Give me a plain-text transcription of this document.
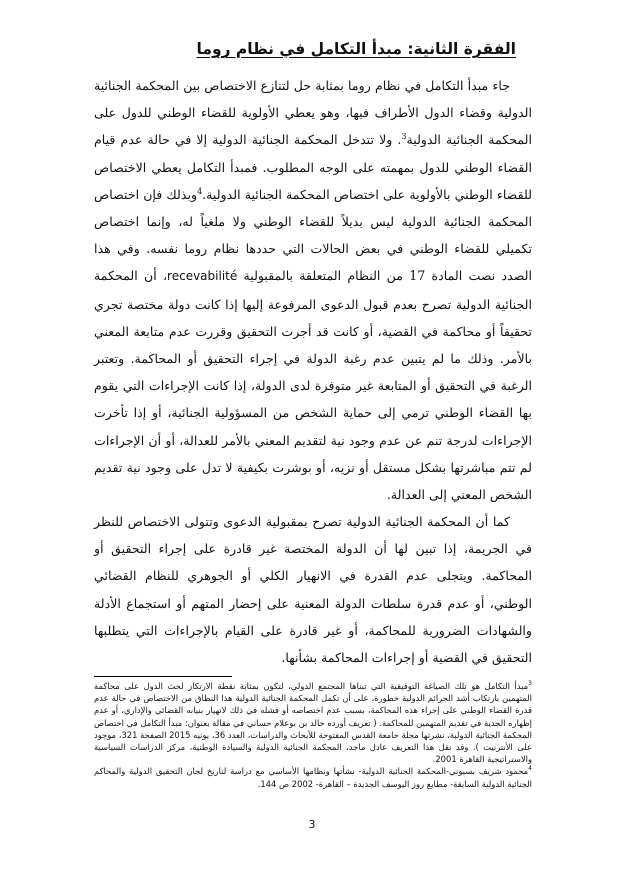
الفقرة الثانية: مبدأ التكامل في نظام روما

جاء مبدأ التكامل في نظام روما بمثابة حل لتنازع الاختصاص بين المحكمة الجنائية الدولية وقضاء الدول الأطراف فيها، وهو يعطي الأولوية للقضاء الوطني للدول على المحكمة الجنائية الدولية$^3$. ولا تتدخل المحكمة الجنائية الدولية إلا في حالة عدم قيام القضاء الوطني للدول بمهمته على الوجه المطلوب. فمبدأ التكامل يعطي الاختصاص للقضاء الوطني بالأولوية على اختصاص المحكمة الجنائية الدولية.$^4$وبذلك فإن اختصاص المحكمة الجنائية الدولية ليس بديلاً للقضاء الوطني ولا ملغياً له، وإنما اختصاص تكميلي للقضاء الوطني في بعض الحالات التي حددها نظام روما نفسه. وفي هذا الصدد نصت المادة 17 من النظام المتعلقة بالمقبولية recevabilité، أن المحكمة الجنائية الدولية تصرح بعدم قبول الدعوى المرفوعة إليها إذا كانت دولة مختصة تجري تحقيقاً أو محاكمة في القضية، أو كانت قد أجرت التحقيق وقررت عدم متابعة المعني بالأمر. وذلك ما لم يتبين عدم رغبة الدولة في إجراء التحقيق أو المحاكمة. وتعتبر الرغبة في التحقيق أو المتابعة غير متوفرة لدى الدولة، إذا كانت الإجراءات التي يقوم بها القضاء الوطني ترمي إلى حماية الشخص من المسؤولية الجنائية، أو إذا تأخرت الإجراءات لدرجة تنم عن عدم وجود نية لتقديم المعني بالأمر للعدالة، أو أن الإجراءات لم تتم مباشرتها بشكل مستقل أو نزيه، أو بوشرت بكيفية لا تدل على وجود نية تقديم الشخص المعني إلى العدالة.

كما أن المحكمة الجنائية الدولية تصرح بمقبولية الدعوى وتتولى الاختصاص للنظر في الجريمة، إذا تبين لها أن الدولة المختصة غير قادرة على إجراء التحقيق أو المحاكمة. ويتجلى عدم القدرة في الانهيار الكلي أو الجوهري للنظام القضائي الوطني، أو عدم قدرة سلطات الدولة المعنية على إحضار المتهم أو استجماع الأدلة والشهادات الضرورية للمحاكمة، أو غير قادرة على القيام بالإجراءات التي يتطلبها التحقيق في القضية أو إجراءات المحاكمة بشأنها.

$^3$مبدأ التكامل هو تلك الصياغة التوفيقية التي تبناها المجتمع الدولي، لتكون بمثابة نقطة الارتكاز لحث الدول على محاكمة المتهمين بارتكاب أشد الجرائم الدولية خطورة، على أن تكمل المحكمة الجنائية الدولية هذا النطاق من الاختصاص في حالة عدم قدرة القضاء الوطني على إجراء هذه المحاكمة، بسبب عدم اختصاصه أو فشله في ذلك لانهيار بنيانه القضائي والإداري، أو عدم إظهاره الجدية في تقديم المتهمين للمحاكمة. ( تعريف أورده خالد بن بوعلام حساني في مقالة بعنوان: مبدأ التكامل في اختصاص المحكمة الجنائية الدولية، نشرتها مجلة جامعة القدس المفتوحة للأبحاث والدراسات، العدد 36، يونيه 2015 الصفحة 321، موجود على الأنترنيت ). وقد نقل هذا التعريف عادل ماجد، المحكمة الجنائية الدولية والسيادة الوطنية، مركز الدراسات السياسية والاستراتيجية القاهرة 2001.

$^4$محمود شريف بسيوني-المحكمة الجنائية الدولية- نشأتها ونظامها الأساسي مع دراسة لتاريخ لجان التحقيق الدولية والمحاكم الجنائية الدولية السابقة- مطابع روز اليوسف الجديدة – القاهرة- 2002 ص 144.

3
